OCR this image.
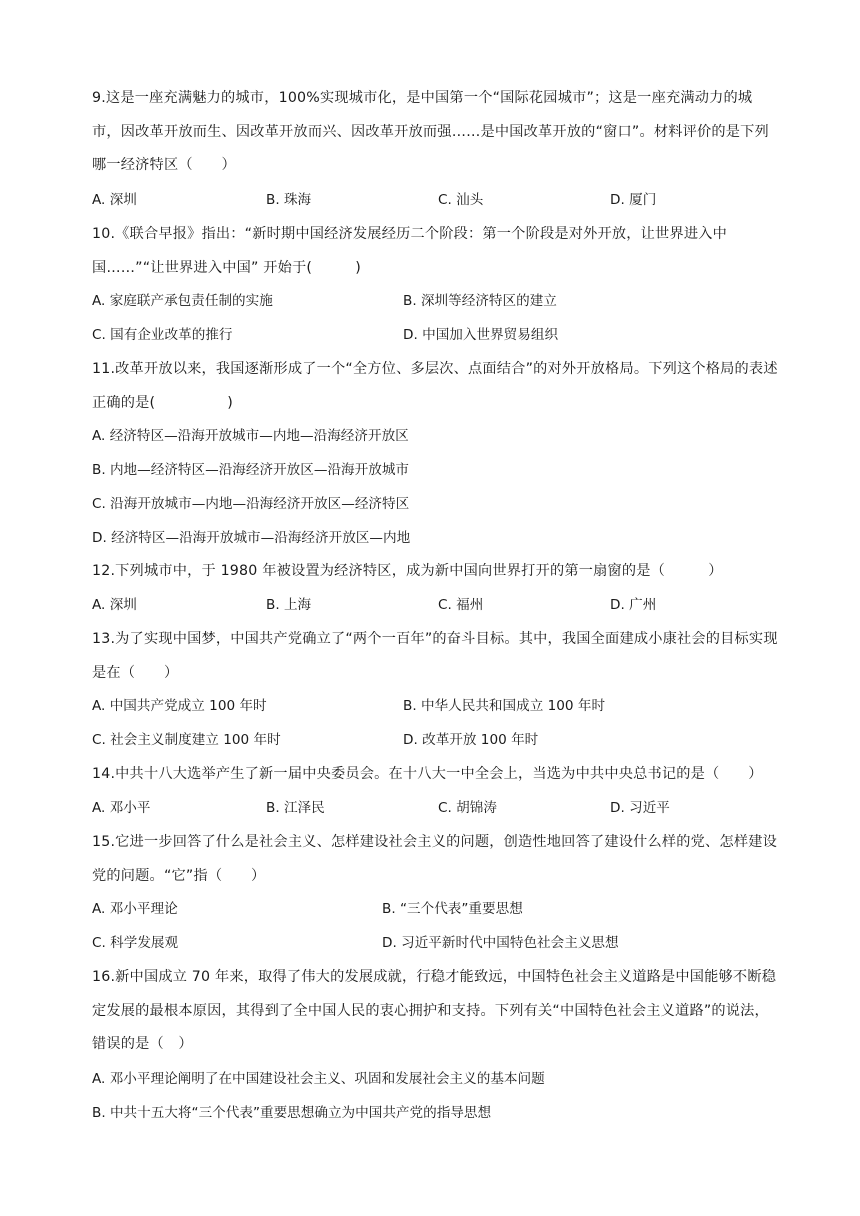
9.这是一座充满魅力的城市，100%实现城市化，是中国第一个“国际花园城市”；这是一座充满动力的城市，因改革开放而生、因改革开放而兴、因改革开放而强……是中国改革开放的“窗口”。材料评价的是下列哪一经济特区（　　）
A. 深圳	B. 珠海	C. 汕头	D. 厦门
10.《联合早报》指出：“新时期中国经济发展经历二个阶段：第一个阶段是对外开放，让世界进入中国……”“让世界进入中国” 开始于(　　　)
A. 家庭联产承包责任制的实施	B. 深圳等经济特区的建立
C. 国有企业改革的推行	D. 中国加入世界贸易组织
11.改革开放以来，我国逐渐形成了一个“全方位、多层次、点面结合”的对外开放格局。下列这个格局的表述正确的是(　　　　　)
A. 经济特区—沿海开放城市—内地—沿海经济开放区
B. 内地—经济特区—沿海经济开放区—沿海开放城市
C. 沿海开放城市—内地—沿海经济开放区—经济特区
D. 经济特区—沿海开放城市—沿海经济开放区—内地
12.下列城市中，于 1980 年被设置为经济特区，成为新中国向世界打开的第一扇窗的是（　　　）
A. 深圳	B. 上海	C. 福州	D. 广州
13.为了实现中国梦，中国共产党确立了“两个一百年”的奋斗目标。其中，我国全面建成小康社会的目标实现是在（　　）
A. 中国共产党成立 100 年时	B. 中华人民共和国成立 100 年时
C. 社会主义制度建立 100 年时	D. 改革开放 100 年时
14.中共十八大选举产生了新一届中央委员会。在十八大一中全会上，当选为中共中央总书记的是（　　）
A. 邓小平	B. 江泽民	C. 胡锦涛	D. 习近平
15.它进一步回答了什么是社会主义、怎样建设社会主义的问题，创造性地回答了建设什么样的党、怎样建设党的问题。“它”指（　　）
A. 邓小平理论	B. “三个代表”重要思想
C. 科学发展观	D. 习近平新时代中国特色社会主义思想
16.新中国成立 70 年来，取得了伟大的发展成就，行稳才能致远，中国特色社会主义道路是中国能够不断稳定发展的最根本原因，其得到了全中国人民的衷心拥护和支持。下列有关“中国特色社会主义道路”的说法，错误的是（　）
A. 邓小平理论阐明了在中国建设社会主义、巩固和发展社会主义的基本问题
B. 中共十五大将“三个代表”重要思想确立为中国共产党的指导思想
